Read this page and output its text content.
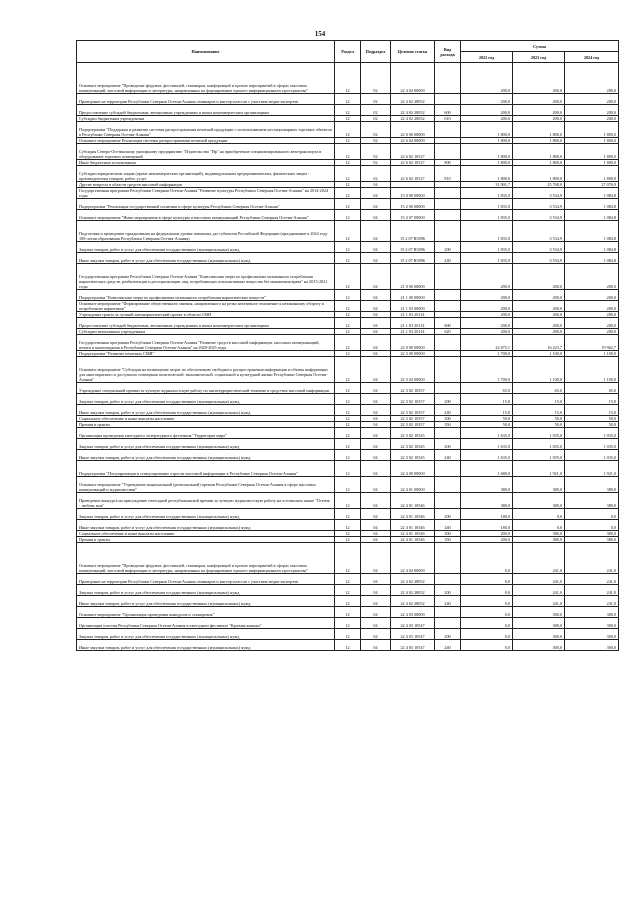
154
Наименование	Раздел	Подраздел	Целевая статья	Вид расхода	Сумма		
					2022 год	2023 год	2024 год
Основное мероприятие "Проведение форумов, фестивалей, семинаров, конференций и прочих мероприятий в сферах массовых коммуникаций, массовой информации и литературы, направленных на формирование единого информационного пространства"	12	02	22 4 02 00000		200,0	200,0	200,0
Проведение на территории Республики Северная Осетия-Алания семинаров и мастер-классов с участием медиа-экспертов	12	02	22 4 02 28052		200,0	200,0	200,0
Предоставление субсидий бюджетным, автономным учреждениям и иным некоммерческим организациям	12	02	22 4 02 28052	600	200,0	200,0	200,0
Субсидии бюджетным учреждениям	12	02	22 4 02 28052	610	200,0	200,0	200,0
Подпрограмма "Поддержка и развитие системы распространения печатной продукции с использованием нестационарных торговых объектов в Республике Северная Осетия-Алания"	12	02	22 6 00 00000		1 800,0	1 800,0	1 800,0
Основное мероприятие Реализация системы распространения печатной продукции	12	02	22 6 02 00000		1 800,0	1 800,0	1 800,0
Субсидия Северо-Осетинскому унитарному предприятию "Издательство "Ир" на приобретение специализированного автотранспорта и оборудование торговых помещений	12	02	22 6 02 10527		1 800,0	1 800,0	1 800,0
Иные бюджетные ассигнования	12	02	22 6 02 10527	800	1 800,0	1 800,0	1 800,0
Субсидии юридическим лицам (кроме некоммерческих организаций), индивидуальным предпринимателям, физическим лицам - производителям товаров, работ, услуг	12	02	22 6 02 10527	810	1 800,0	1 800,0	1 800,0
Другие вопросы в области средств массовой информации	12	04			31 901,7	25 768,0	27 076,9
Государственная программа Республики Северная Осетия-Алания "Развитие культуры Республики Северная Осетия-Алания" на 2014-2024 годы	12	04	15 0 00 00000		1 835,0	3 534,9	1 084,8
Подпрограмма "Реализация государственной политики в сфере культуры Республики Северная Осетия-Алания"	12	04	15 2 00 00000		1 835,0	3 534,9	1 084,8
Основное мероприятие "Иные мероприятия в сфере культуры и массовых коммуникаций Республики Северная Осетия-Алания"	12	04	15 2 07 00000		1 835,0	3 534,9	1 084,8
Подготовка и проведение празднования на федеральном уровне памятных дат субъектов Российской Федерации (празднование в 2024 году 100-летия образования Республики Северная Осетия-Алания)	12	04	15 2 07 R5096		1 835,0	3 534,9	1 084,8
Закупка товаров, работ и услуг для обеспечения государственных (муниципальных) нужд	12	04	15 2 07 R5096	200	1 835,0	3 534,9	1 084,8
Иные закупки товаров, работ и услуг для обеспечения государственных (муниципальных) нужд	12	04	15 2 07 R5096	240	1 835,0	3 534,9	1 084,8
Государственная программа Республики Северная Осетия-Алания "Комплексные меры по профилактике незаконного потребления наркотических средств, реабилитации и ресоциализации лиц, потребляющих психоактивные вещества без назначения врача" на 2015-2021 годы	12	04	21 0 00 00000		200,0	200,0	200,0
Подпрограмма "Комплексные меры по профилактике незаконного потребления наркотических веществ"	12	04	21 1 00 00000		200,0	200,0	200,0
Основное мероприятие "Формирование общественного мнения, направленного на резко негативное отношение к незаконному обороту и потреблению наркотиков"	12	04	21 1 03 00000		200,0	200,0	200,0
Учреждение гранта за лучший антинаркотический проект в области СМИ	12	04	21 1 03 20114		200,0	200,0	200,0
Предоставление субсидий бюджетным, автономным учреждениям и иным некоммерческим организациям	12	04	21 1 03 20114	600	200,0	200,0	200,0
Субсидии автономным учреждениям	12	04	21 1 03 20114	620	200,0	200,0	200,0
Государственная программа Республики Северная Осетия-Алания "Развитие средств массовой информации, массовых коммуникаций, печати и книгоиздания в Республике Северная Осетия-Алания" на 2020-2025 годы	12	04	22 0 00 00000		22 675,1	16 223,7	19 962,7
Подпрограмма "Развитие печатных СМИ"	12	04	22 3 00 00000		1 700,0	1 100,0	1 100,0
Основное мероприятие "Субсидии на возмещение затрат по обеспечению свободного распространения информации и объема информации для многократного и доступного освещения политической, экономической, социальной и культурной жизни Республики Северная Осетия-Алания"	12	04	22 3 02 00000		1 700,0	1 100,0	1 100,0
Учреждение специальной премии за лучшую журналистскую работу по антитеррористической тематике в средствах массовой информации	12	04	22 3 02 10357		65,0	65,0	65,0
Закупка товаров, работ и услуг для обеспечения государственных (муниципальных) нужд	12	04	22 3 02 10357	200	15,0	15,0	15,0
Иные закупки товаров, работ и услуг для обеспечения государственных (муниципальных) нужд	12	04	22 3 02 10357	240	15,0	15,0	15,0
Социальное обеспечение и иные выплаты населению	12	04	22 3 02 10357	300	50,0	50,0	50,0
Премии и гранты	12	04	22 3 02 10357	350	50,0	50,0	50,0
Организация проведения ежегодного литературного фестиваля "Территория мира"	12	04	22 3 02 10545		1 635,0	1 035,0	1 035,0
Закупка товаров, работ и услуг для обеспечения государственных (муниципальных) нужд	12	04	22 3 02 10545	200	1 635,0	1 035,0	1 035,0
Иные закупки товаров, работ и услуг для обеспечения государственных (муниципальных) нужд	12	04	22 3 02 10545	240	1 635,0	1 035,0	1 035,0
Подпрограмма "Популяризация и стимулирование отрасли массовой информации в Республике Северная Осетия-Алания"	12	04	22 4 00 00000		1 680,0	1 921,0	1 921,0
Основное мероприятие "Учреждение национальной (региональной) премии Республики Северная Осетия-Алания в сфере массовых коммуникаций и журналистики"	12	04	22 4 01 00000		380,0	380,0	380,0
Проведение конкурса на присуждение ежегодной республиканской премии за лучшую журналистскую работу на осетинском языке "Осетия - любовь моя"	12	04	22 4 01 10546		380,0	380,0	380,0
Закупка товаров, работ и услуг для обеспечения государственных (муниципальных) нужд	12	04	22 4 01 10546	200	180,0	0,0	0,0
Иные закупки товаров, работ и услуг для обеспечения государственных (муниципальных) нужд	12	04	22 4 01 10546	240	180,0	0,0	0,0
Социальное обеспечение и иные выплаты населению	12	04	22 4 01 10546	300	200,0	380,0	380,0
Премии и гранты	12	04	22 4 01 10546	350	200,0	380,0	380,0
Основное мероприятие "Проведение форумов, фестивалей, семинаров, конференций и прочих мероприятий в сферах массовых коммуникаций, массовой информации и литературы, направленных на формирование единого информационного пространства"	12	04	22 4 02 00000		0,0	241,0	241,0
Проведение на территории Республики Северная Осетия-Алания семинаров и мастер-классов с участием медиа-экспертов	12	04	22 4 02 28052		0,0	241,0	241,0
Закупка товаров, работ и услуг для обеспечения государственных (муниципальных) нужд	12	04	22 4 02 28052	200	0,0	241,0	241,0
Иные закупки товаров, работ и услуг для обеспечения государственных (муниципальных) нужд	12	04	22 4 02 28052	240	0,0	241,0	241,0
Основное мероприятие "Организация проведения конкурсов и стажировок"	12	04	22 4 03 00000		0,0	300,0	300,0
Организация участия Республики Северная Осетия-Алания в ежегодном фестивале "Красная книжка"	12	04	22 4 03 10547		0,0	300,0	300,0
Закупка товаров, работ и услуг для обеспечения государственных (муниципальных) нужд	12	04	22 4 03 10547	200	0,0	300,0	300,0
Иные закупки товаров, работ и услуг для обеспечения государственных (муниципальных) нужд	12	04	22 4 03 10547	240	0,0	300,0	300,0
